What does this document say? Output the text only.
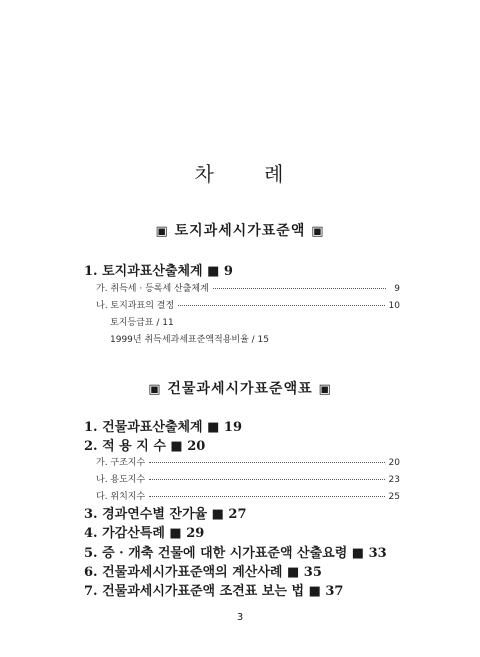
차 례
▣ 토지과세시가표준액 ▣
1. 토지과표산출체계 ■ 9
가. 취득세 · 등록세 산출체계	9
나. 토지과표의 결정	10
토지등급표 / 11
1999년 취득세과세표준액적용비율 / 15
▣ 건물과세시가표준액표 ▣
1. 건물과표산출체계 ■ 19
2. 적 용 지 수 ■ 20
가. 구조지수	20
나. 용도지수	23
다. 위치지수	25
3. 경과연수별 잔가율 ■ 27
4. 가감산특례 ■ 29
5. 증 · 개축 건물에 대한 시가표준액 산출요령 ■ 33
6. 건물과세시가표준액의 계산사례 ■ 35
7. 건물과세시가표준액 조견표 보는 법 ■ 37
3
